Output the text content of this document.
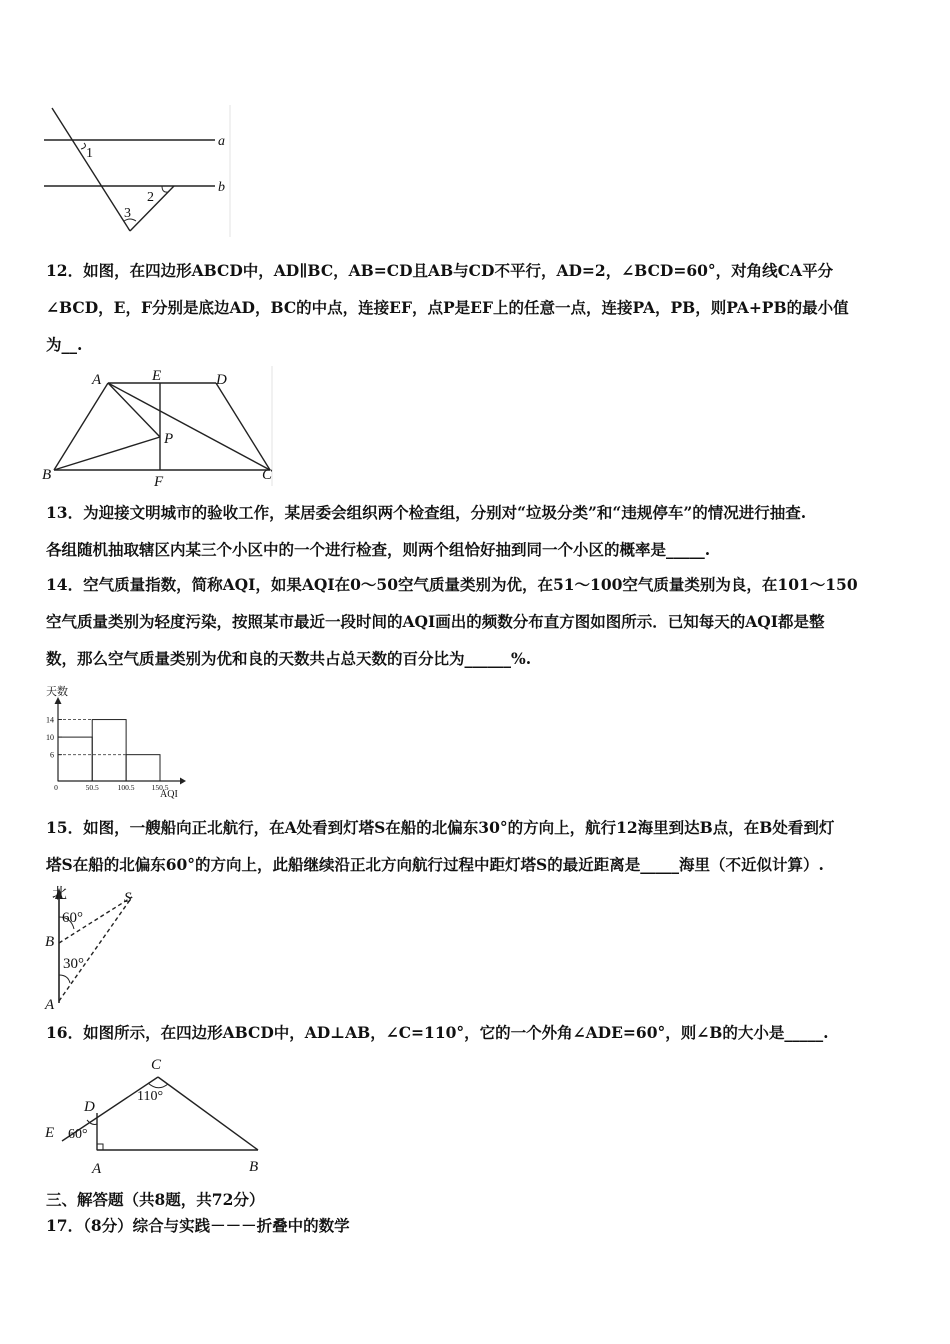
a
b
1
2
3

12．如图，在四边形ABCD中，AD∥BC，AB=CD且AB与CD不平行，AD=2，∠BCD=60°，对角线CA平分

∠BCD，E，F分别是底边AD，BC的中点，连接EF，点P是EF上的任意一点，连接PA，PB，则PA+PB的最小值

为__.

A	E	D
P
B	F	C

13．为迎接文明城市的验收工作，某居委会组织两个检查组，分别对“垃圾分类”和“违规停车”的情况进行抽查.

各组随机抽取辖区内某三个小区中的一个进行检查，则两个组恰好抽到同一个小区的概率是_____.

14．空气质量指数，简称AQI，如果AQI在0～50空气质量类别为优，在51～100空气质量类别为良，在101～150

空气质量类别为轻度污染，按照某市最近一段时间的AQI画出的频数分布直方图如图所示．已知每天的AQI都是整

数，那么空气质量类别为优和良的天数共占总天数的百分比为______%.

14
10
6
0	50.5	100.5 150.5
天数
AQI

15．如图，一艘船向正北航行，在A处看到灯塔S在船的北偏东30°的方向上，航行12海里到达B点，在B处看到灯

塔S在船的北偏东60°的方向上，此船继续沿正北方向航行过程中距灯塔S的最近距离是_____海里（不近似计算）.

北	S
B
A
60°
30°

16．如图所示，在四边形ABCD中，AD⊥AB，∠C=110°，它的一个外角∠ADE=60°，则∠B的大小是_____.

C
D
E
A	B
110°
60°

三、解答题（共8题，共72分）

17．（8分）综合与实践－－－折叠中的数学
